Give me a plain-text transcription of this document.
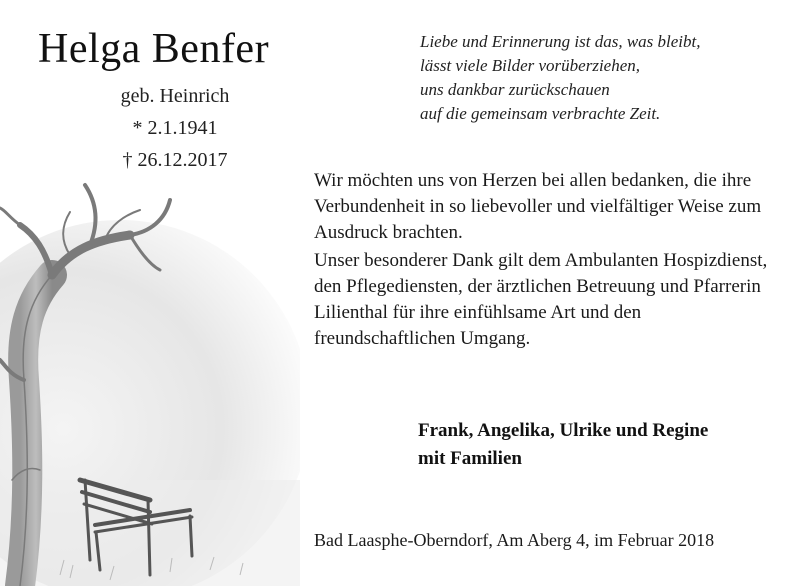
Helga Benfer
geb. Heinrich
* 2.1.1941
† 26.12.2017
Liebe und Erinnerung ist das, was bleibt,
lässt viele Bilder vorüberziehen,
uns dankbar zurückschauen
auf die gemeinsam verbrachte Zeit.

Wir möchten uns von Herzen bei allen bedanken, die ihre Verbundenheit in so liebevoller und vielfältiger Weise zum Ausdruck brachten.

Unser besonderer Dank gilt dem Ambulanten Hospizdienst, den Pflegediensten, der ärztlichen Betreuung und Pfarrerin Lilienthal für ihre einfühlsame Art und den freundschaftlichen Umgang.

Frank, Angelika, Ulrike und Regine
mit Familien
Bad Laasphe-Oberndorf, Am Aberg 4, im Februar 2018
